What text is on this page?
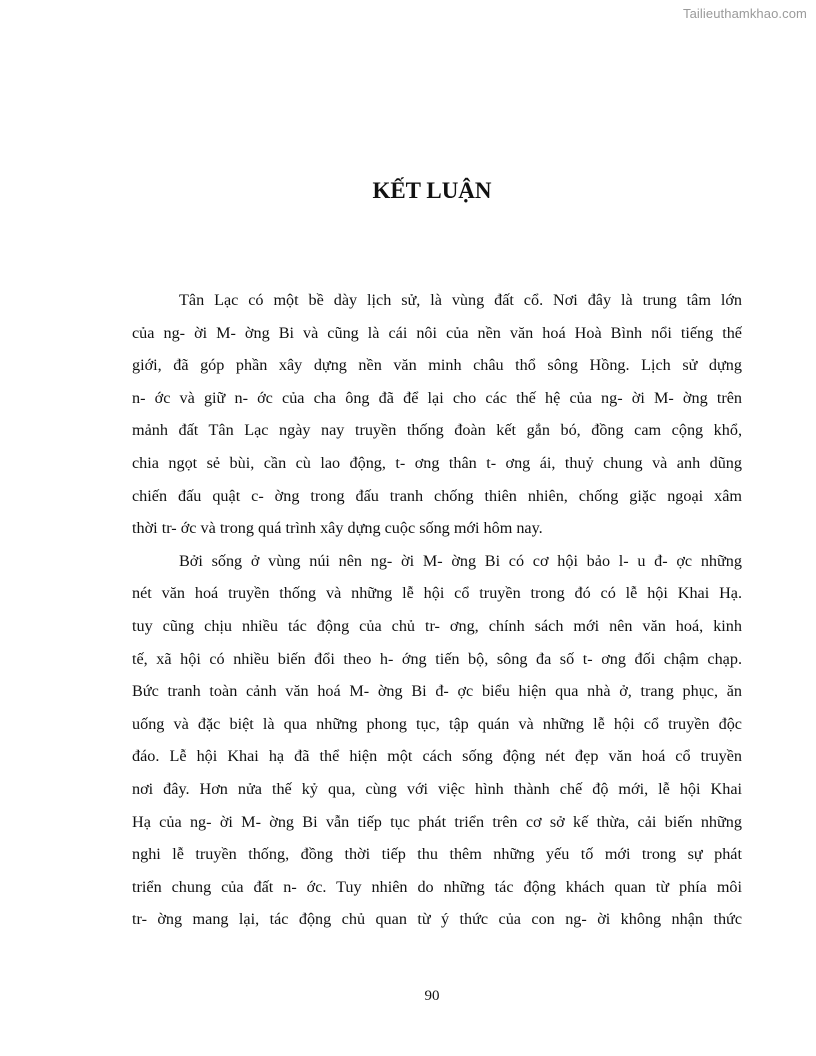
Tailieuthamkhao.com
KẾT LUẬN
Tân Lạc có một bề dày lịch sử, là vùng đất cổ. Nơi đây là trung tâm lớn
của ng- ời M- ờng Bi và cũng là cái nôi của nền văn hoá Hoà Bình nổi tiếng thế
giới, đã góp phần xây dựng nền văn minh châu thổ sông Hồng. Lịch sử dựng
n- ớc và giữ n- ớc của cha ông đã để lại cho các thế hệ của ng- ời M- ờng trên
mảnh đất Tân Lạc ngày nay truyền thống đoàn kết gắn bó, đồng cam cộng khổ,
chia ngọt sẻ bùi, cần cù lao động, t- ơng thân t- ơng ái, thuỷ chung và anh dũng
chiến đấu quật c- ờng trong đấu tranh chống thiên nhiên, chống giặc ngoại xâm
thời tr- ớc và trong quá trình xây dựng cuộc sống mới hôm nay.
Bởi sống ở vùng núi nên ng- ời M- ờng Bi có cơ hội bảo l- u đ- ợc những
nét văn hoá truyền thống và những lễ hội cổ truyền trong đó có lễ hội Khai Hạ.
tuy cũng chịu nhiều tác động của chủ tr- ơng, chính sách mới nên văn hoá, kinh
tế, xã hội có nhiều biến đổi theo h- ớng tiến bộ, sông đa số t- ơng đối chậm chạp.
Bức tranh toàn cảnh văn hoá M- ờng Bi đ- ợc biểu hiện qua nhà ở, trang phục, ăn
uống và đặc biệt là qua những phong tục, tập quán và những lễ hội cổ truyền độc
đáo. Lễ hội Khai hạ đã thể hiện một cách sống động nét đẹp văn hoá cổ truyền
nơi đây. Hơn nửa thế kỷ qua, cùng với việc hình thành chế độ mới, lễ hội Khai
Hạ của ng- ời M- ờng Bi vẫn tiếp tục phát triển trên cơ sở kế thừa, cải biến những
nghi lễ truyền thống, đồng thời tiếp thu thêm những yếu tố mới trong sự phát
triển chung của đất n- ớc. Tuy nhiên do những tác động khách quan từ phía môi
tr- ờng mang lại, tác động chủ quan từ ý thức của con ng- ời không nhận thức
90
